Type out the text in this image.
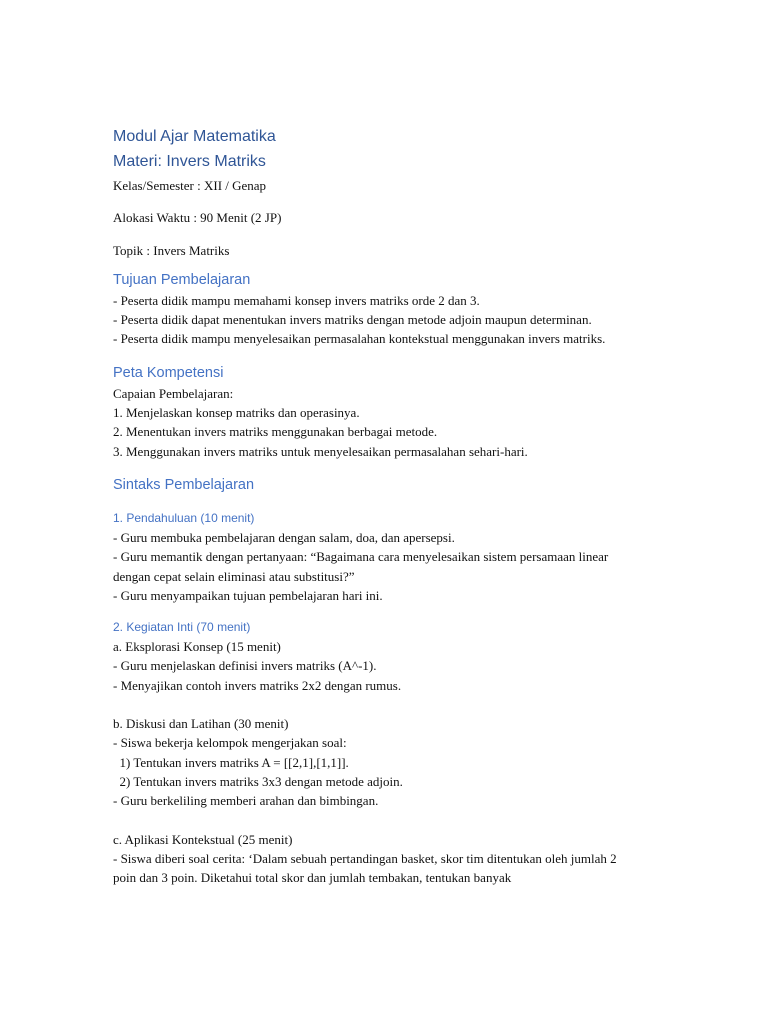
Modul Ajar Matematika

Materi: Invers Matriks

Kelas/Semester : XII / Genap

Alokasi Waktu : 90 Menit (2 JP)

Topik : Invers Matriks

Tujuan Pembelajaran

- Peserta didik mampu memahami konsep invers matriks orde 2 dan 3.

- Peserta didik dapat menentukan invers matriks dengan metode adjoin maupun determinan.

- Peserta didik mampu menyelesaikan permasalahan kontekstual menggunakan invers matriks.

Peta Kompetensi

Capaian Pembelajaran:

1. Menjelaskan konsep matriks dan operasinya.

2. Menentukan invers matriks menggunakan berbagai metode.

3. Menggunakan invers matriks untuk menyelesaikan permasalahan sehari-hari.

Sintaks Pembelajaran

1. Pendahuluan (10 menit)

- Guru membuka pembelajaran dengan salam, doa, dan apersepsi.

- Guru memantik dengan pertanyaan: “Bagaimana cara menyelesaikan sistem persamaan linear dengan cepat selain eliminasi atau substitusi?”

- Guru menyampaikan tujuan pembelajaran hari ini.

2. Kegiatan Inti (70 menit)

a. Eksplorasi Konsep (15 menit)

- Guru menjelaskan definisi invers matriks (A^-1).

- Menyajikan contoh invers matriks 2x2 dengan rumus.

b. Diskusi dan Latihan (30 menit)

- Siswa bekerja kelompok mengerjakan soal:

1) Tentukan invers matriks A = [[2,1],[1,1]].

2) Tentukan invers matriks 3x3 dengan metode adjoin.

- Guru berkeliling memberi arahan dan bimbingan.

c. Aplikasi Kontekstual (25 menit)

- Siswa diberi soal cerita: ‘Dalam sebuah pertandingan basket, skor tim ditentukan oleh jumlah 2 poin dan 3 poin. Diketahui total skor dan jumlah tembakan, tentukan banyak
